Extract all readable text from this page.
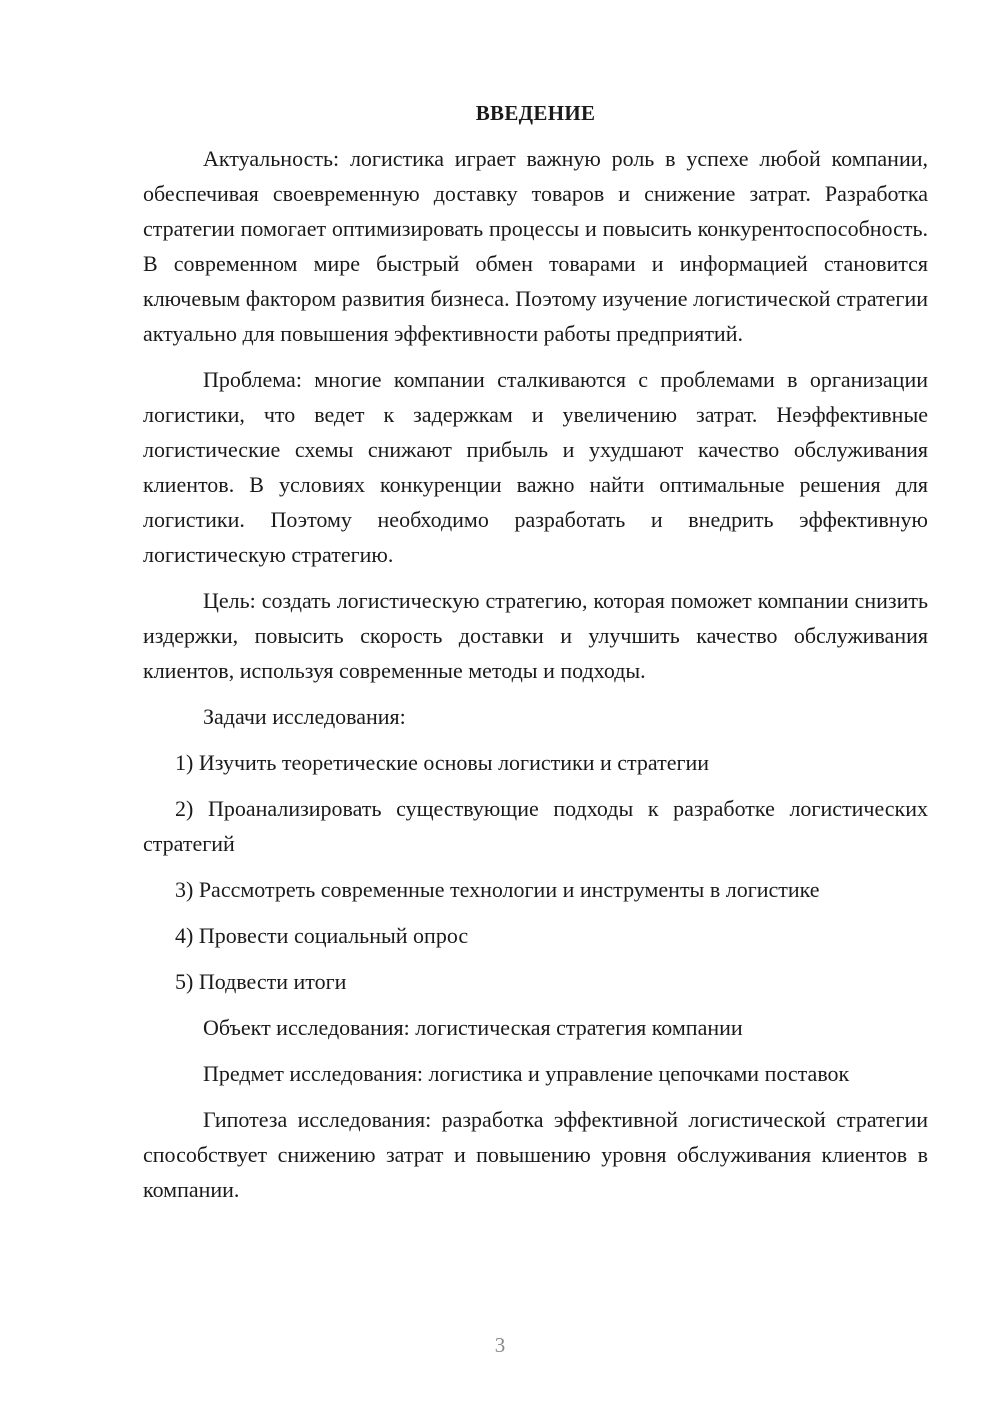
ВВЕДЕНИЕ

Актуальность: логистика играет важную роль в успехе любой компании, обеспечивая своевременную доставку товаров и снижение затрат. Разработка стратегии помогает оптимизировать процессы и повысить конкурентоспособность. В современном мире быстрый обмен товарами и информацией становится ключевым фактором развития бизнеса. Поэтому изучение логистической стратегии актуально для повышения эффективности работы предприятий.

Проблема: многие компании сталкиваются с проблемами в организации логистики, что ведет к задержкам и увеличению затрат. Неэффективные логистические схемы снижают прибыль и ухудшают качество обслуживания клиентов. В условиях конкуренции важно найти оптимальные решения для логистики. Поэтому необходимо разработать и внедрить эффективную логистическую стратегию.

Цель: создать логистическую стратегию, которая поможет компании снизить издержки, повысить скорость доставки и улучшить качество обслуживания клиентов, используя современные методы и подходы.

Задачи исследования:

1) Изучить теоретические основы логистики и стратегии

2) Проанализировать существующие подходы к разработке логистических стратегий

3) Рассмотреть современные технологии и инструменты в логистике

4) Провести социальный опрос

5) Подвести итоги

Объект исследования: логистическая стратегия компании

Предмет исследования: логистика и управление цепочками поставок

Гипотеза исследования: разработка эффективной логистической стратегии способствует снижению затрат и повышению уровня обслуживания клиентов в компании.

3
